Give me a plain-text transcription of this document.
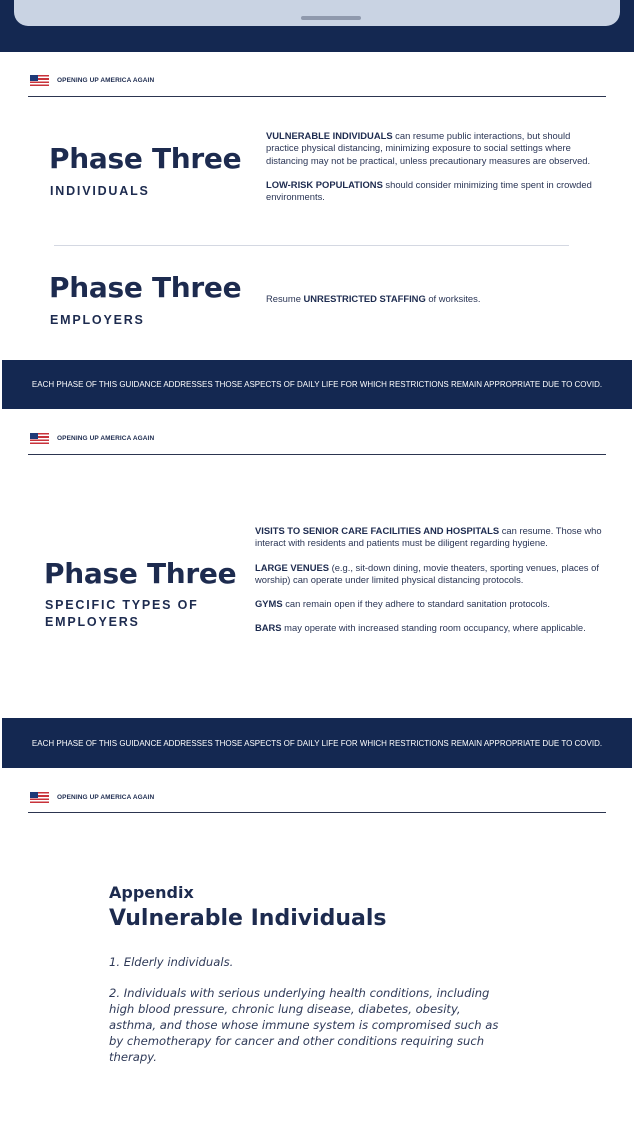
OPENING UP AMERICA AGAIN
Phase Three
INDIVIDUALS

VULNERABLE INDIVIDUALS can resume public interactions, but should practice physical distancing, minimizing exposure to social settings where distancing may not be practical, unless precautionary measures are observed.

LOW-RISK POPULATIONS should consider minimizing time spent in crowded environments.

Phase Three
EMPLOYERS

Resume UNRESTRICTED STAFFING of worksites.

EACH PHASE OF THIS GUIDANCE ADDRESSES THOSE ASPECTS OF DAILY LIFE FOR WHICH RESTRICTIONS REMAIN APPROPRIATE DUE TO COVID.
OPENING UP AMERICA AGAIN
Phase Three
SPECIFIC TYPES OF EMPLOYERS

VISITS TO SENIOR CARE FACILITIES AND HOSPITALS can resume. Those who interact with residents and patients must be diligent regarding hygiene.

LARGE VENUES (e.g., sit-down dining, movie theaters, sporting venues, places of worship) can operate under limited physical distancing protocols.

GYMS can remain open if they adhere to standard sanitation protocols.

BARS may operate with increased standing room occupancy, where applicable.

EACH PHASE OF THIS GUIDANCE ADDRESSES THOSE ASPECTS OF DAILY LIFE FOR WHICH RESTRICTIONS REMAIN APPROPRIATE DUE TO COVID.
OPENING UP AMERICA AGAIN
Appendix
Vulnerable Individuals

1. Elderly individuals.

2. Individuals with serious underlying health conditions, including high blood pressure, chronic lung disease, diabetes, obesity, asthma, and those whose immune system is compromised such as by chemotherapy for cancer and other conditions requiring such therapy.
